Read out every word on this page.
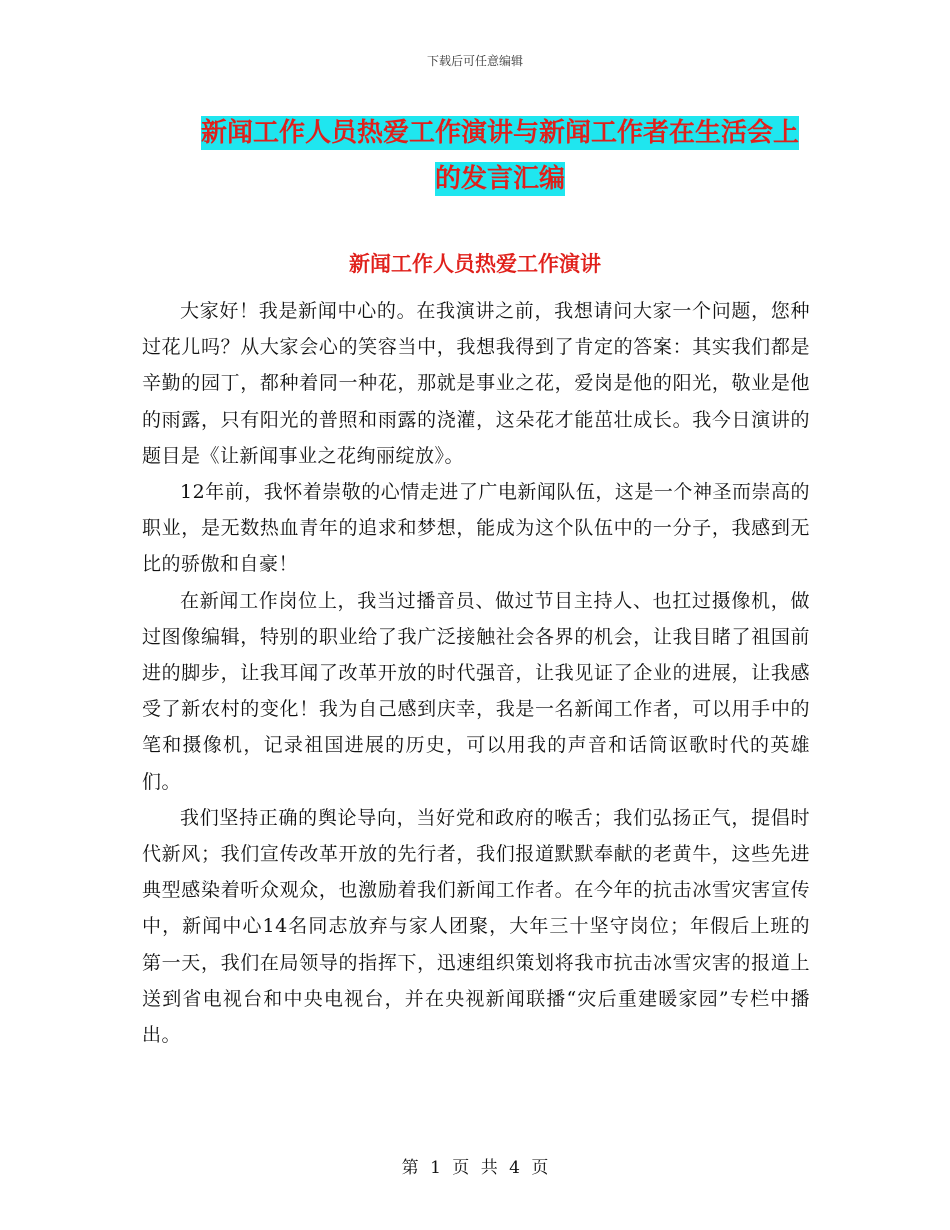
下载后可任意编辑
新闻工作人员热爱工作演讲与新闻工作者在生活会上
的发言汇编
新闻工作人员热爱工作演讲

大家好！我是新闻中心的。在我演讲之前，我想请问大家一个问题，您种过花儿吗？从大家会心的笑容当中，我想我得到了肯定的答案：其实我们都是辛勤的园丁，都种着同一种花，那就是事业之花，爱岗是他的阳光，敬业是他的雨露，只有阳光的普照和雨露的浇灌，这朵花才能茁壮成长。我今日演讲的题目是《让新闻事业之花绚丽绽放》。

12年前，我怀着崇敬的心情走进了广电新闻队伍，这是一个神圣而崇高的职业，是无数热血青年的追求和梦想，能成为这个队伍中的一分子，我感到无比的骄傲和自豪！

在新闻工作岗位上，我当过播音员、做过节目主持人、也扛过摄像机，做过图像编辑，特别的职业给了我广泛接触社会各界的机会，让我目睹了祖国前进的脚步，让我耳闻了改革开放的时代强音，让我见证了企业的进展，让我感受了新农村的变化！我为自己感到庆幸，我是一名新闻工作者，可以用手中的笔和摄像机，记录祖国进展的历史，可以用我的声音和话筒讴歌时代的英雄们。

我们坚持正确的舆论导向，当好党和政府的喉舌；我们弘扬正气，提倡时代新风；我们宣传改革开放的先行者，我们报道默默奉献的老黄牛，这些先进典型感染着听众观众，也激励着我们新闻工作者。在今年的抗击冰雪灾害宣传中，新闻中心14名同志放弃与家人团聚，大年三十坚守岗位；年假后上班的第一天，我们在局领导的指挥下，迅速组织策划将我市抗击冰雪灾害的报道上送到省电视台和中央电视台，并在央视新闻联播“灾后重建暖家园”专栏中播出。

第 1 页 共 4 页
